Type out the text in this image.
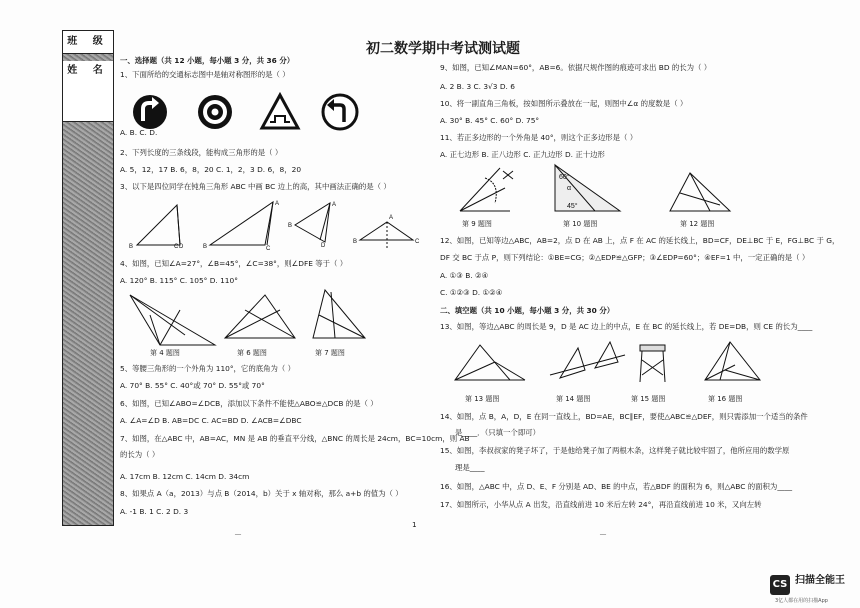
班 级
姓 名
初二数学期中考试测试题
一、选择题（共 12 小题，每小题 3 分，共 36 分）
1、下面所给的交通标志图中是轴对称图形的是（ ）
A. B. C. D.
2、下列长度的三条线段，能构成三角形的是（ ）
A. 5，12，17 B. 6，8，20 C. 1，2，3 D. 6，8，20
3、以下是四位同学在钝角三角形 ABC 中画 BC 边上的高，其中画法正确的是（ ）
4、如图，已知∠A=27°，∠B=45°，∠C=38°，则∠DFE 等于（ ）
A. 120° B. 115° C. 105° D. 110°
5、等腰三角形的一个外角为 110°，它的底角为（ ）
A. 70° B. 55° C. 40°或 70° D. 55°或 70°
6、如图，已知∠ABO=∠DCB，添加以下条件不能使△ABO≌△DCB 的是（ ）
A. ∠A=∠D B. AB=DC C. AC=BD D. ∠ACB=∠DBC
7、如图，在△ABC 中，AB=AC，MN 是 AB 的垂直平分线，△BNC 的周长是 24cm，BC=10cm，则 AB
的长为（ ）
A. 17cm B. 12cm C. 14cm D. 34cm
8、如果点 A（a，2013）与点 B（2014，b）关于 x 轴对称，那么 a+b 的值为（ ）
A. -1 B. 1 C. 2 D. 3
B	C D	B	C
A
B
D
A
B	C
A
第 4 题图	第 6 题图	第 7 题图
9、如图，已知∠MAN=60°，AB=6。依据尺规作图的痕迹可求出 BD 的长为（ ）
A. 2 B. 3 C. 3√3 D. 6
10、将一副直角三角板，按如图所示叠放在一起，则图中∠α 的度数是（ ）
A. 30° B. 45° C. 60° D. 75°
11、若正多边形的一个外角是 40°，则这个正多边形是（ ）
A. 正七边形 B. 正八边形 C. 正九边形 D. 正十边形
12、如图，已知等边△ABC，AB=2，点 D 在 AB 上，点 F 在 AC 的延长线上，BD=CF，DE⊥BC 于 E，FG⊥BC 于 G，
DF 交 BC 于点 P，则下列结论：①BE=CG；②△EDP≌△GFP；③∠EDP=60°；④EF=1 中，一定正确的是（ ）
A. ①③ B. ②④
C. ①②③ D. ①②④
二、填空题（共 10 小题，每小题 3 分，共 30 分）
13、如图，等边△ABC 的周长是 9，D 是 AC 边上的中点，E 在 BC 的延长线上，若 DE=DB，则 CE 的长为____
14、如图，点 B，A，D，E 在同一直线上，BD=AE，BC∥EF，要使△ABC≌△DEF，则只需添加一个适当的条件
是____．（只填一个即可）
15、如图，李叔叔家的凳子坏了，于是他给凳子加了两根木条，这样凳子就比较牢固了，他所应用的数学原
理是____
16、如图，△ABC 中，点 D、E、F 分别是 AD、BE 的中点，若△BDF 的面积为 6，则△ABC 的面积为____
17、如图所示，小华从点 A 出发，沿直线前进 10 米后左转 24°，再沿直线前进 10 米，又向左转
60°
α
45°
第 9 题图	第 10 题图	第 12 题图
第 13 题图	第 14 题图	第 15 题图	第 16 题图
1
──	──
CS 扫描全能王
3亿人都在用的扫描App
